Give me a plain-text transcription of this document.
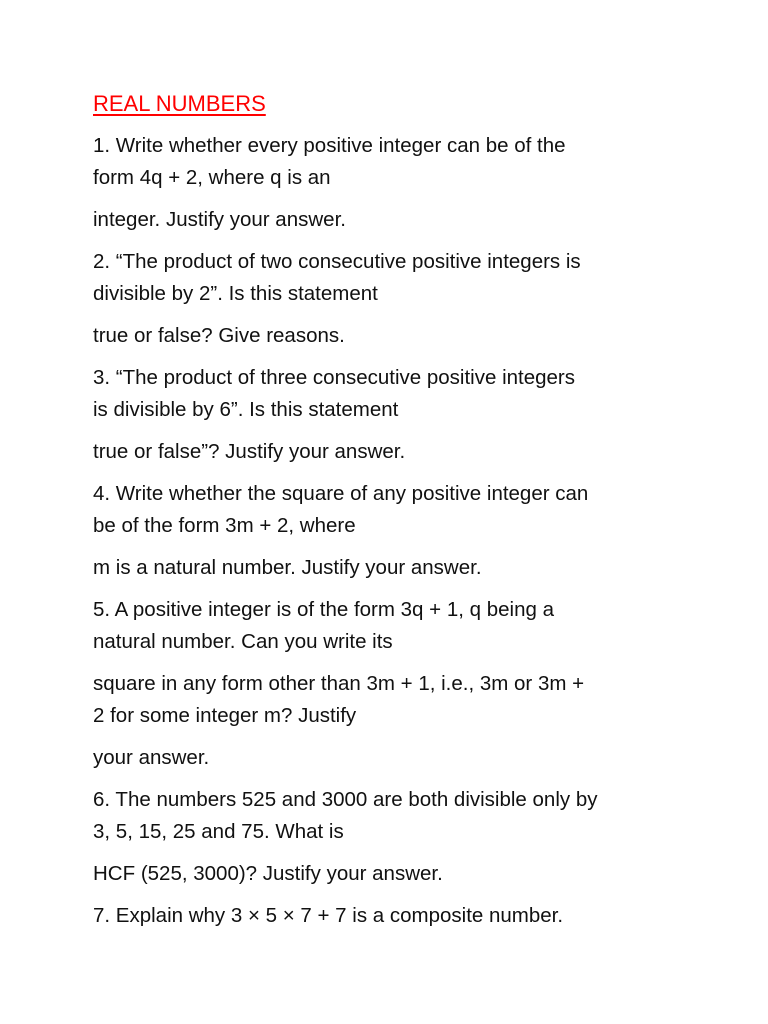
REAL NUMBERS

1. Write whether every positive integer can be of the
form 4q + 2, where q is an

integer. Justify your answer.

2. “The product of two consecutive positive integers is
divisible by 2”. Is this statement

true or false? Give reasons.

3. “The product of three consecutive positive integers
is divisible by 6”. Is this statement

true or false”? Justify your answer.

4. Write whether the square of any positive integer can
be of the form 3m + 2, where

m is a natural number. Justify your answer.

5. A positive integer is of the form 3q + 1, q being a
natural number. Can you write its

square in any form other than 3m + 1, i.e., 3m or 3m +
2 for some integer m? Justify

your answer.

6. The numbers 525 and 3000 are both divisible only by
3, 5, 15, 25 and 75. What is

HCF (525, 3000)? Justify your answer.

7. Explain why 3 × 5 × 7 + 7 is a composite number.
